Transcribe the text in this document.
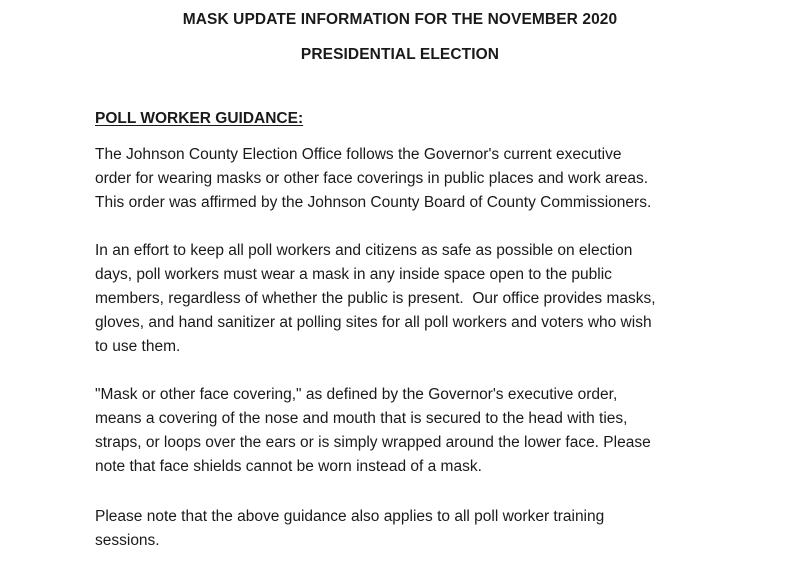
MASK UPDATE INFORMATION FOR THE NOVEMBER 2020
PRESIDENTIAL ELECTION
POLL WORKER GUIDANCE:
The Johnson County Election Office follows the Governor's current executive
order for wearing masks or other face coverings in public places and work areas.
This order was affirmed by the Johnson County Board of County Commissioners.
In an effort to keep all poll workers and citizens as safe as possible on election
days, poll workers must wear a mask in any inside space open to the public
members, regardless of whether the public is present.  Our office provides masks,
gloves, and hand sanitizer at polling sites for all poll workers and voters who wish
to use them.
"Mask or other face covering," as defined by the Governor's executive order,
means a covering of the nose and mouth that is secured to the head with ties,
straps, or loops over the ears or is simply wrapped around the lower face. Please
note that face shields cannot be worn instead of a mask.
Please note that the above guidance also applies to all poll worker training
sessions.
